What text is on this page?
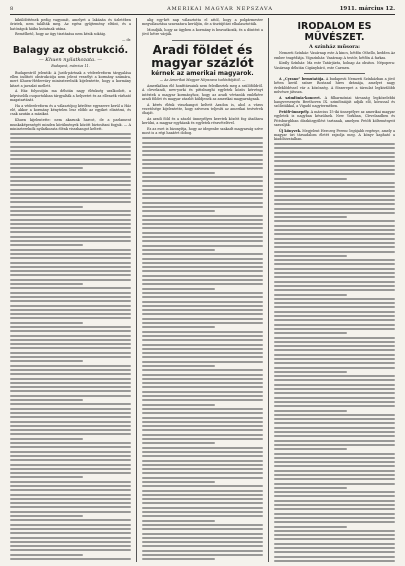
8	AMERIKAI MAGYAR NEPSZAVA	1911. március 12.

kiküldöttének pedig vagyonát, amelyet a lakásán és üzletében őriztek, nem találták meg. Az egész gyűjtemény eltűnt, és a hatóságok hiába kutatnak utána.

Remélhető, hogy az ügy tisztázása nem késik sokáig.

— dr.
Balagy az obstrukció.
— Khuen nyilatkozata. —
Budapest, március 11.

Budapestről jelentik: A Justh-pártnak a véderőreform tárgyalása ellen indított obstrukciója nem jelent veszélyt a kormány számára, mert Khuen-Héderváry miniszterelnök kijelentette, hogy a kormány kitart a javaslat mellett.

A Ház folyosóján ma délután nagy élénkség uralkodott, a képviselők csoportokban tárgyalták a helyzetet és az ellenzék várható magatartását.

Ha a véderőreform és a választójog kérdése egyszerre kerül a Ház elé, akkor a kormány kénytelen lesz előbb az egyiket elintézni, és csak azután a másikat.

Khuen kijelentette: nem akarunk harcot, de a parlament munkaképességét minden körülmények között biztosítani fogjuk. — A miniszterelnök nyilatkozata élénk visszhangot keltett.

alig egy-két nap választotta el attól, hogy a polgármester megválasztása szavazásra kerüljön, de a tisztújítást elhalasztották.

Mondják, hogy az ügyben a kormány is beavatkozik, és a döntést a jövő hétre várják.

Aradi földet és magyar százlót
kérnek az amerikai magyarok.
— Az Amerikai Magyar Népszava tudósítójától. —

Amerikában élő honfitársaink nem feledkeztek meg a szülőföldről. A clevelandi, new-yorki és pittsburghi egyletek közös kérvényt intéztek a magyar kormányhoz, hogy az aradi vértanúk emlékére aradi földet és magyar zászlót küldjenek az amerikai magyarságnak.

A kérés élénk visszhangot keltett Aradon is, ahol a város vezetősége kijelentette, hogy szívesen teljesíti az amerikai testvérek óhaját.

Az aradi föld és a zászló ünnepélyes keretek között fog átadásra kerülni, a magyar egyházak és egyletek részvételével.

Ez az eset is bizonyítja, hogy az idegenbe szakadt magyarság szíve most is a régi hazáért dobog.

IRODALOM ES MŰVÉSZET.
A színház műsora:

Nemzeti Színház: Vasárnap este A kincs, hétfőn Othello, kedden Az ember tragédiája. Vígszínház: Vasárnap A testőr, hétfőn A farkas.

Király Színház: Ma este Tatárjárás, holnap Az obsitos. Népopera: Vasárnap délután Cigánybáró, este Carmen.

A „Cyrano” bemutatója. A budapesti Nemzeti Színházban a jövő héten kerül színre Rostand híres drámája, amelyet nagy érdeklődéssel vár a közönség. A főszerepet a társulat legkiválóbb művésze játssza.

A szimfónia-koncert. A filharmóniai társaság legközelebbi hangversenyén Beethoven IX. szimfóniáját adják elő, kórussal és szólistákkal, a Vigadó nagytermében.

Petőfi-ünnepély. A március 15-iki ünnepélyre az amerikai magyar egyletek is nagyban készülnek. New Yorkban, Clevelandben és Pittsburghban díszközgyűlést tartanak, amelyen Petőfi költeményeit szavalják.

Új könyvek. Megjelent Herczeg Ferenc legújabb regénye, amely a magyar úri társadalom életét rajzolja meg. A könyv kapható a kiadóhivatalban.
